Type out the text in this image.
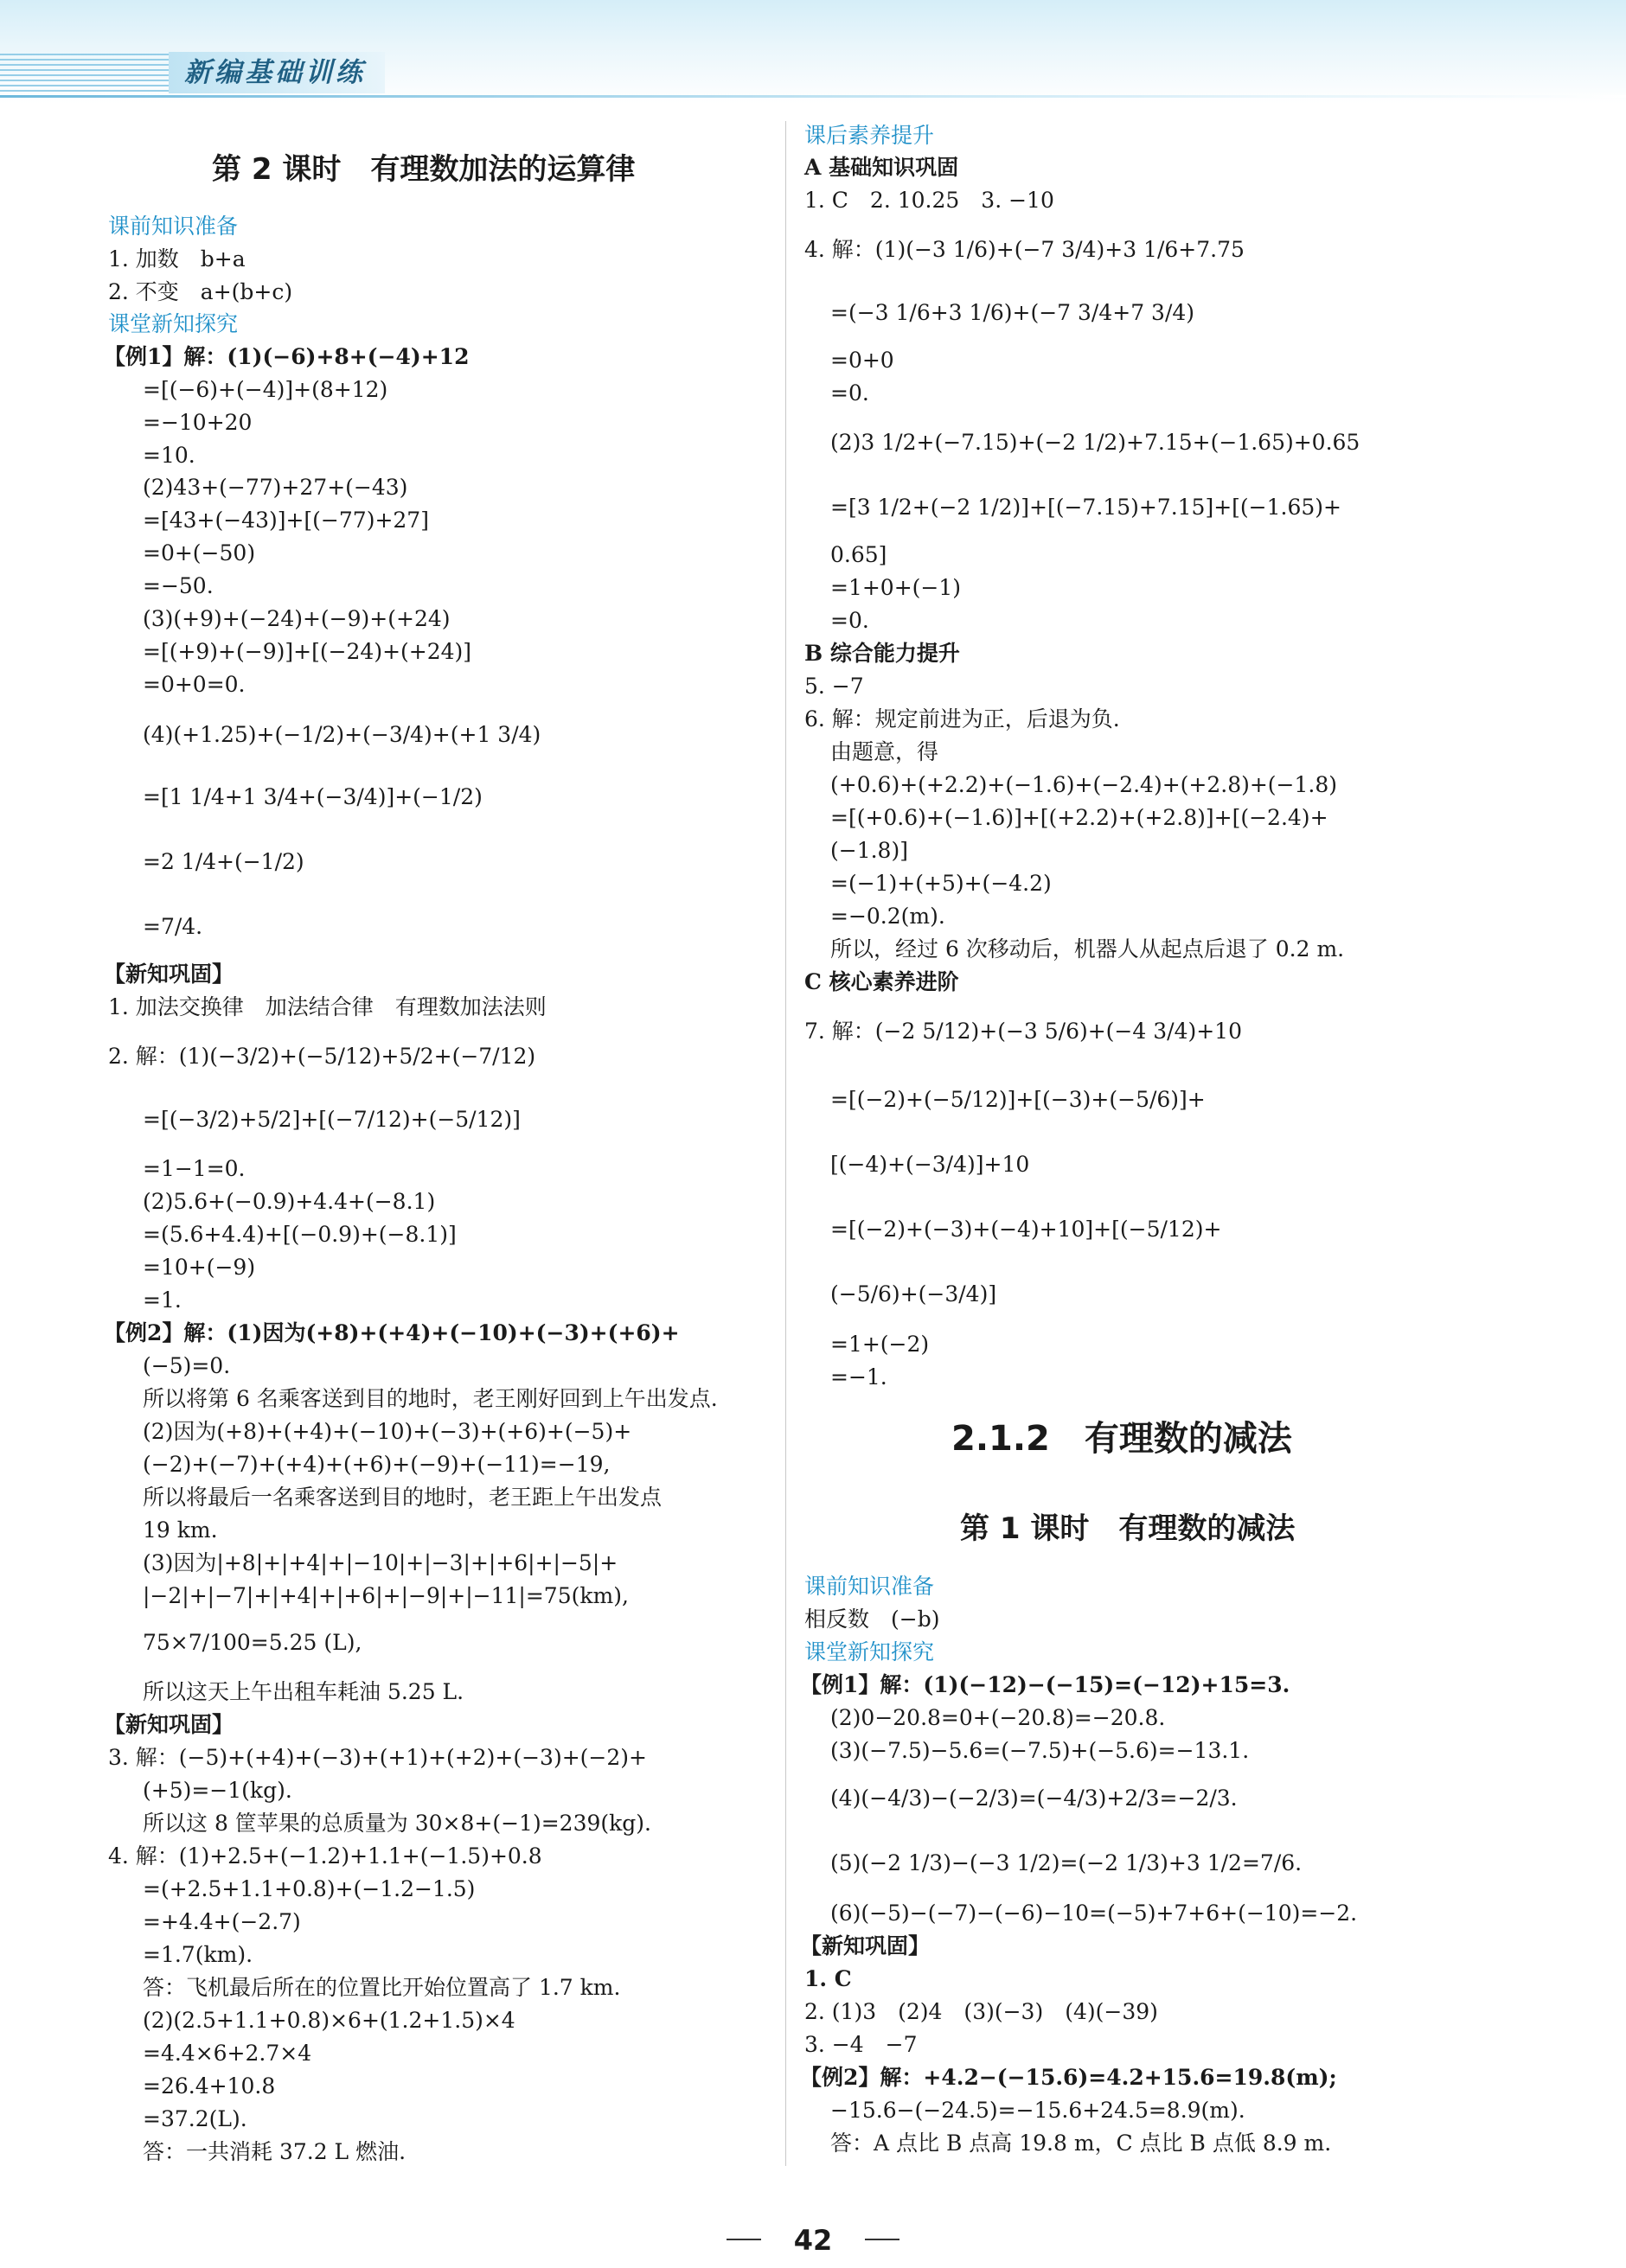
新编基础训练
第 2 课时　有理数加法的运算律
课前知识准备
1. 加数　b+a
2. 不变　a+(b+c)
课堂新知探究
【例1】解：(1)(−6)+8+(−4)+12
=[(−6)+(−4)]+(8+12)
=−10+20
=10.
(2)43+(−77)+27+(−43)
=[43+(−43)]+[(−77)+27]
=0+(−50)
=−50.
(3)(+9)+(−24)+(−9)+(+24)
=[(+9)+(−9)]+[(−24)+(+24)]
=0+0=0.
(4)(+1.25)+(−1/2)+(−3/4)+(+1 3/4)
=[1 1/4+1 3/4+(−3/4)]+(−1/2)
=2 1/4+(−1/2)
=7/4.
【新知巩固】
1. 加法交换律　加法结合律　有理数加法法则
2. 解：(1)(−3/2)+(−5/12)+5/2+(−7/12)
=[(−3/2)+5/2]+[(−7/12)+(−5/12)]
=1−1=0.
(2)5.6+(−0.9)+4.4+(−8.1)
=(5.6+4.4)+[(−0.9)+(−8.1)]
=10+(−9)
=1.
【例2】解：(1)因为(+8)+(+4)+(−10)+(−3)+(+6)+
(−5)=0.
所以将第 6 名乘客送到目的地时，老王刚好回到上午出发点.
(2)因为(+8)+(+4)+(−10)+(−3)+(+6)+(−5)+
(−2)+(−7)+(+4)+(+6)+(−9)+(−11)=−19,
所以将最后一名乘客送到目的地时，老王距上午出发点
19 km.
(3)因为|+8|+|+4|+|−10|+|−3|+|+6|+|−5|+
|−2|+|−7|+|+4|+|+6|+|−9|+|−11|=75(km),
75×7/100=5.25 (L),
所以这天上午出租车耗油 5.25 L.
【新知巩固】
3. 解：(−5)+(+4)+(−3)+(+1)+(+2)+(−3)+(−2)+
(+5)=−1(kg).
所以这 8 筐苹果的总质量为 30×8+(−1)=239(kg).
4. 解：(1)+2.5+(−1.2)+1.1+(−1.5)+0.8
=(+2.5+1.1+0.8)+(−1.2−1.5)
=+4.4+(−2.7)
=1.7(km).
答：飞机最后所在的位置比开始位置高了 1.7 km.
(2)(2.5+1.1+0.8)×6+(1.2+1.5)×4
=4.4×6+2.7×4
=26.4+10.8
=37.2(L).
答：一共消耗 37.2 L 燃油.
课后素养提升
A 基础知识巩固
1. C　2. 10.25　3. −10
4. 解：(1)(−3 1/6)+(−7 3/4)+3 1/6+7.75
=(−3 1/6+3 1/6)+(−7 3/4+7 3/4)
=0+0
=0.
(2)3 1/2+(−7.15)+(−2 1/2)+7.15+(−1.65)+0.65
=[3 1/2+(−2 1/2)]+[(−7.15)+7.15]+[(−1.65)+
0.65]
=1+0+(−1)
=0.
B 综合能力提升
5. −7
6. 解：规定前进为正，后退为负.
由题意，得
(+0.6)+(+2.2)+(−1.6)+(−2.4)+(+2.8)+(−1.8)
=[(+0.6)+(−1.6)]+[(+2.2)+(+2.8)]+[(−2.4)+
(−1.8)]
=(−1)+(+5)+(−4.2)
=−0.2(m).
所以，经过 6 次移动后，机器人从起点后退了 0.2 m.
C 核心素养进阶
7. 解：(−2 5/12)+(−3 5/6)+(−4 3/4)+10
=[(−2)+(−5/12)]+[(−3)+(−5/6)]+
[(−4)+(−3/4)]+10
=[(−2)+(−3)+(−4)+10]+[(−5/12)+
(−5/6)+(−3/4)]
=1+(−2)
=−1.
2.1.2　有理数的减法
第 1 课时　有理数的减法
课前知识准备
相反数　(−b)
课堂新知探究
【例1】解：(1)(−12)−(−15)=(−12)+15=3.
(2)0−20.8=0+(−20.8)=−20.8.
(3)(−7.5)−5.6=(−7.5)+(−5.6)=−13.1.
(4)(−4/3)−(−2/3)=(−4/3)+2/3=−2/3.
(5)(−2 1/3)−(−3 1/2)=(−2 1/3)+3 1/2=7/6.
(6)(−5)−(−7)−(−6)−10=(−5)+7+6+(−10)=−2.
【新知巩固】
1. C
2. (1)3　(2)4　(3)(−3)　(4)(−39)
3. −4　−7
【例2】解：+4.2−(−15.6)=4.2+15.6=19.8(m);
−15.6−(−24.5)=−15.6+24.5=8.9(m).
答：A 点比 B 点高 19.8 m，C 点比 B 点低 8.9 m.
42
